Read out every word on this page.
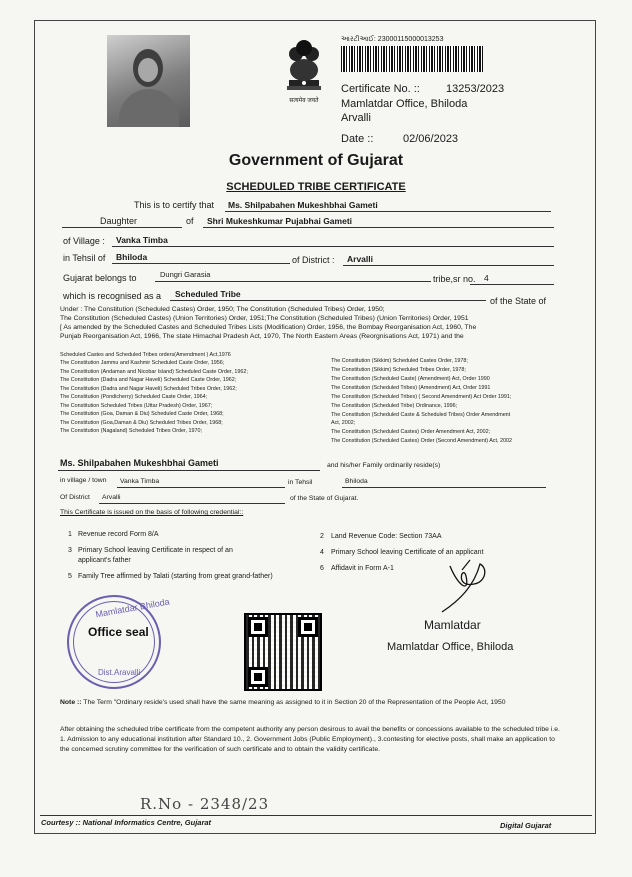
सत्यमेव जयते
આરટીઆઈ: 23000115000013253
Certificate No. :: 13253/2023
Mamlatdar Office, Bhiloda
Arvalli
Date ::	02/06/2023
Government of Gujarat
SCHEDULED TRIBE CERTIFICATE
This is to certify that Ms. Shilpabahen Mukeshbhai Gameti
Daughter	of Shri Mukeshkumar Pujabhai Gameti
of Village : Vanka Timba
in Tehsil of Bhiloda	of District : Arvalli
Gujarat belongs to	Dungri Garasia	tribe,sr no. 4
which is recognised as a Scheduled Tribe
of the State of
Under : The Constitution (Scheduled Castes) Order, 1950; The Constitution (Scheduled Tribes) Order, 1950;
The Constitution (Scheduled Castes) (Union Territories) Order, 1951;The Constitution (Scheduled Tribes) (Union Territories) Order, 1951
[ As amended by the Scheduled Castes and Scheduled Tribes Lists (Modification) Order, 1956, the Bombay Reorganisation Act, 1960, The
Punjab Reorganisation Act, 1966, The state Himachal Pradesh Act, 1970, The North Eastern Areas (Reorgnisations Act, 1971) and the
Scheduled Castes and Scheduled Tribes orders(Amendment ) Act,1976
The Constitution Jammu and Kashmir Scheduled Caste Order, 1956;
The Constitution (Andaman and Nicobar Island) Scheduled Caste Order, 1962;
The Constitution (Dadra and Nagar Haveli) Scheduled Caste Order, 1962;
The Constitution (Dadra and Nagar Haveli) Scheduled Tribes Order, 1962;
The Constitution (Pondicherry) Scheduled Caste Order, 1964;
The Constitution Scheduled Tribes (Uttar Pradesh) Order, 1967;
The Constitution (Goa, Daman & Diu) Scheduled Caste Order, 1968;
The Constitution (Goa,Daman & Diu) Scheduled Tribes Order, 1968;
The Constitution (Nagaland) Scheduled Tribes Order, 1970;
The Constitution (Sikkim) Scheduled Castes Order, 1978;
The Constitution (Sikkim) Scheduled Tribes Order, 1978;
The Constitution (Scheduled Caste) (Amendment) Act, Order 1990
The Constitution (Scheduled Tribes) (Amendment) Act, Order 1991
The Constitution (Scheduled Tribes) ( Second Amendment) Act Order 1991;
The Constitution (Scheduled Tribe) Ordinance, 1996;
The Constitution (Scheduled Caste & Scheduled Tribes) Order Amendment
Act, 2002;
The Constitution (Scheduled Castes) Order Amendment Act, 2002;
The Constitution (Scheduled Castes) Order (Second Amendment) Act, 2002
Ms. Shilpabahen Mukeshbhai Gameti	and his/her Family ordinarily reside(s)
in village / town Vanka Timba	in Tehsil	Bhiloda
Of District Arvalli	of the State of Gujarat.
This Certificate is issued on the basis of following credential::
1 Revenue record Form 8/A
3 Primary School leaving Certificate in respect of an applicant's father
5 Family Tree affirmed by Talati (starting from great grand-father)
2 Land Revenue Code: Section 73AA
4 Primary School leaving Certificate of an applicant
6 Affidavit in Form A-1
Mamlatdar Bhiloda
Office seal
Dist.Aravalli
Mamlatdar
Mamlatdar Office, Bhiloda
Note :: The Term "Ordinary reside's used shall have the same meaning as assigned to it in Section 20 of the Representation of the People Act, 1950
After obtaining the scheduled tribe certificate from the competent authority any person desirous to avail the benefits or concessions available to the scheduled tribe i.e. 1. Admission to any educational institution after Standard 10., 2. Government Jobs (Public Employment)., 3.contesting for elective posts, shall make an application to the concerned scrutiny committee for the verification of such certificate and to obtain the validity certificate.
R.No - 2348/23
Courtesy :: National Informatics Centre, Gujarat	Digital Gujarat
